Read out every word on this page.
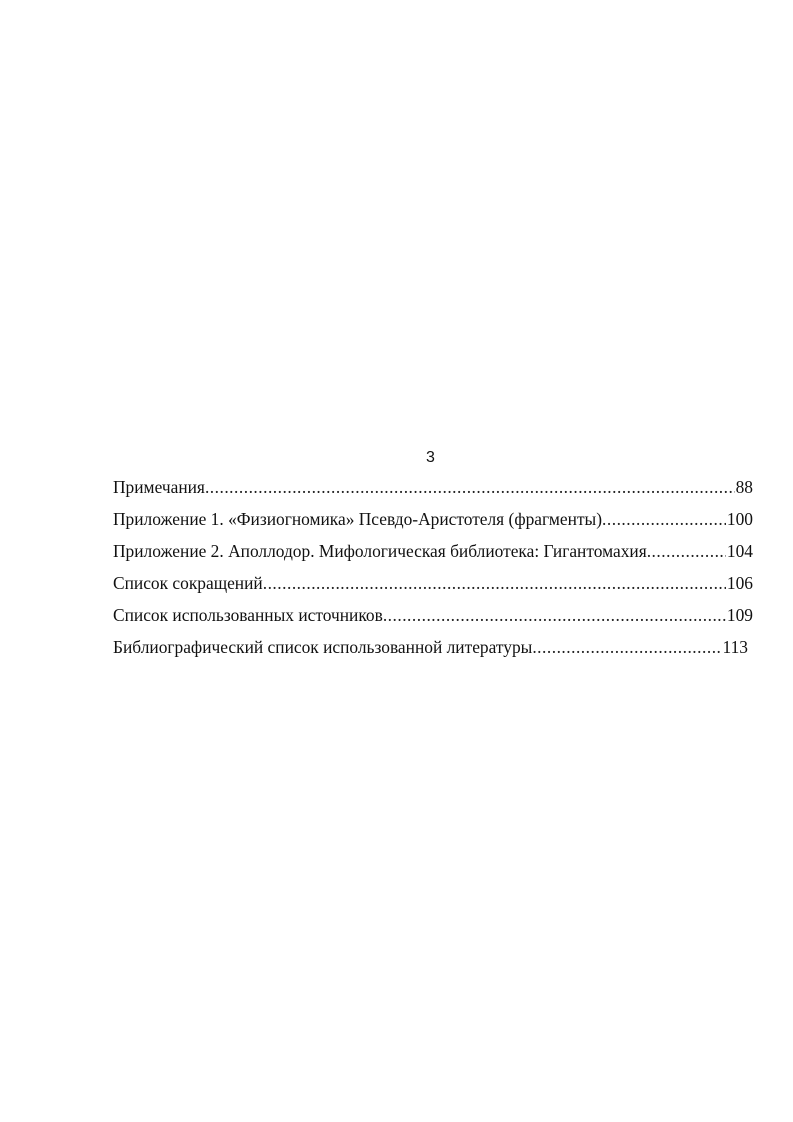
3
Примечания .....	88
Приложение 1. «Физиогномика» Псевдо-Аристотеля (фрагменты) .....	100
Приложение 2. Аполлодор. Мифологическая библиотека: Гигантомахия .....	104
Список сокращений .....	106
Список использованных источников .....	109
Библиографический список использованной литературы .....	113
